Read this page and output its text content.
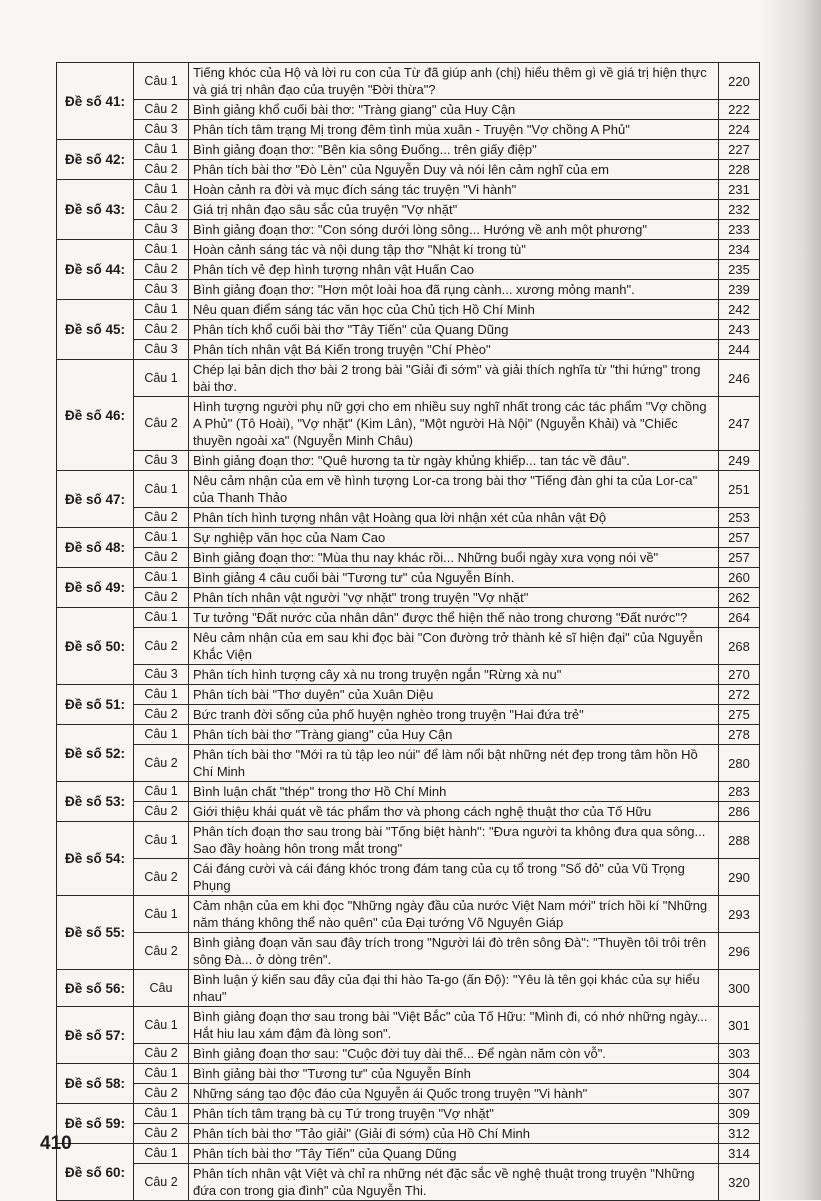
Đề số 41:	Câu 1	Tiếng khóc của Hộ và lời ru con của Từ đã giúp anh (chị) hiểu thêm gì về giá trị hiện thực và giá trị nhân đạo của truyện "Đời thừa"?	220
	Câu 2	Bình giảng khổ cuối bài thơ: "Tràng giang" của Huy Cận	222
	Câu 3	Phân tích tâm trạng Mị trong đêm tình mùa xuân - Truyện "Vợ chồng A Phủ"	224
Đề số 42:	Câu 1	Bình giảng đoạn thơ: "Bên kia sông Đuống... trên giấy điệp"	227
	Câu 2	Phân tích bài thơ "Đò Lèn" của Nguyễn Duy và nói lên cảm nghĩ của em	228
Đề số 43:	Câu 1	Hoàn cảnh ra đời và mục đích sáng tác truyện "Vi hành"	231
	Câu 2	Giá trị nhân đạo sâu sắc của truyện "Vợ nhặt"	232
	Câu 3	Bình giảng đoạn thơ: "Con sóng dưới lòng sông... Hướng về anh một phương"	233
Đề số 44:	Câu 1	Hoàn cảnh sáng tác và nội dung tập thơ "Nhật kí trong tù"	234
	Câu 2	Phân tích vẻ đẹp hình tượng nhân vật Huấn Cao	235
	Câu 3	Bình giảng đoạn thơ: "Hơn một loài hoa đã rụng cành... xương mỏng manh".	239
Đề số 45:	Câu 1	Nêu quan điểm sáng tác văn học của Chủ tịch Hồ Chí Minh	242
	Câu 2	Phân tích khổ cuối bài thơ "Tây Tiến" của Quang Dũng	243
	Câu 3	Phân tích nhân vật Bá Kiến trong truyện "Chí Phèo"	244
Đề số 46:	Câu 1	Chép lại bản dịch thơ bài 2 trong bài "Giải đi sớm" và giải thích nghĩa từ "thi hứng" trong bài thơ.	246
	Câu 2	Hình tượng người phụ nữ gợi cho em nhiều suy nghĩ nhất trong các tác phẩm "Vợ chồng A Phủ" (Tô Hoài), "Vợ nhặt" (Kim Lân), "Một người Hà Nội" (Nguyễn Khải) và "Chiếc thuyền ngoài xa" (Nguyễn Minh Châu)	247
	Câu 3	Bình giảng đoạn thơ: "Quê hương ta từ ngày khủng khiếp... tan tác về đâu".	249
Đề số 47:	Câu 1	Nêu cảm nhận của em về hình tượng Lor-ca trong bài thơ "Tiếng đàn ghi ta của Lor-ca" của Thanh Thảo	251
	Câu 2	Phân tích hình tượng nhân vật Hoàng qua lời nhận xét của nhân vật Độ	253
Đề số 48:	Câu 1	Sự nghiệp văn học của Nam Cao	257
	Câu 2	Bình giảng đoạn thơ: "Mùa thu nay khác rồi... Những buổi ngày xưa vọng nói về"	257
Đề số 49:	Câu 1	Bình giảng 4 câu cuối bài "Tương tư" của Nguyễn Bính.	260
	Câu 2	Phân tích nhân vật người "vợ nhặt" trong truyện "Vợ nhặt"	262
Đề số 50:	Câu 1	Tư tưởng "Đất nước của nhân dân" được thể hiện thế nào trong chương "Đất nước"?	264
	Câu 2	Nêu cảm nhận của em sau khi đọc bài "Con đường trở thành kẻ sĩ hiện đại" của Nguyễn Khắc Viện	268
	Câu 3	Phân tích hình tượng cây xà nu trong truyện ngắn "Rừng xà nu"	270
Đề số 51:	Câu 1	Phân tích bài "Thơ duyên" của Xuân Diệu	272
	Câu 2	Bức tranh đời sống của phố huyện nghèo trong truyện "Hai đứa trẻ"	275
Đề số 52:	Câu 1	Phân tích bài thơ "Tràng giang" của Huy Cận	278
	Câu 2	Phân tích bài thơ "Mới ra tù tập leo núi" để làm nổi bật những nét đẹp trong tâm hồn Hồ Chí Minh	280
Đề số 53:	Câu 1	Bình luận chất "thép" trong thơ Hồ Chí Minh	283
	Câu 2	Giới thiệu khái quát về tác phẩm thơ và phong cách nghệ thuật thơ của Tố Hữu	286
Đề số 54:	Câu 1	Phân tích đoạn thơ sau trong bài "Tống biệt hành": "Đưa người ta không đưa qua sông... Sao đầy hoàng hôn trong mắt trong"	288
	Câu 2	Cái đáng cười và cái đáng khóc trong đám tang của cụ tổ trong "Số đỏ" của Vũ Trọng Phụng	290
Đề số 55:	Câu 1	Cảm nhận của em khi đọc "Những ngày đầu của nước Việt Nam mới" trích hồi kí "Những năm tháng không thể nào quên" của Đại tướng Võ Nguyên Giáp	293
	Câu 2	Bình giảng đoạn văn sau đây trích trong "Người lái đò trên sông Đà": "Thuyền tôi trôi trên sông Đà... ở dòng trên".	296
Đề số 56:	Câu	Bình luận ý kiến sau đây của đại thi hào Ta-go (ấn Độ): "Yêu là tên gọi khác của sự hiểu nhau"	300
Đề số 57:	Câu 1	Bình giảng đoạn thơ sau trong bài "Việt Bắc" của Tố Hữu: "Mình đi, có nhớ những ngày... Hắt hiu lau xám đậm đà lòng son".	301
	Câu 2	Bình giảng đoạn thơ sau: "Cuộc đời tuy dài thế... Để ngàn năm còn vỗ".	303
Đề số 58:	Câu 1	Bình giảng bài thơ "Tương tư" của Nguyễn Bính	304
	Câu 2	Những sáng tạo độc đáo của Nguyễn ái Quốc trong truyện "Vi hành"	307
Đề số 59:	Câu 1	Phân tích tâm trạng bà cụ Tứ trong truyện "Vợ nhặt"	309
	Câu 2	Phân tích bài thơ "Tảo giải" (Giải đi sớm) của Hồ Chí Minh	312
Đề số 60:	Câu 1	Phân tích bài thơ "Tây Tiến" của Quang Dũng	314
	Câu 2	Phân tích nhân vật Việt và chỉ ra những nét đặc sắc về nghệ thuật trong truyện "Những đứa con trong gia đình" của Nguyễn Thi.	320
410
